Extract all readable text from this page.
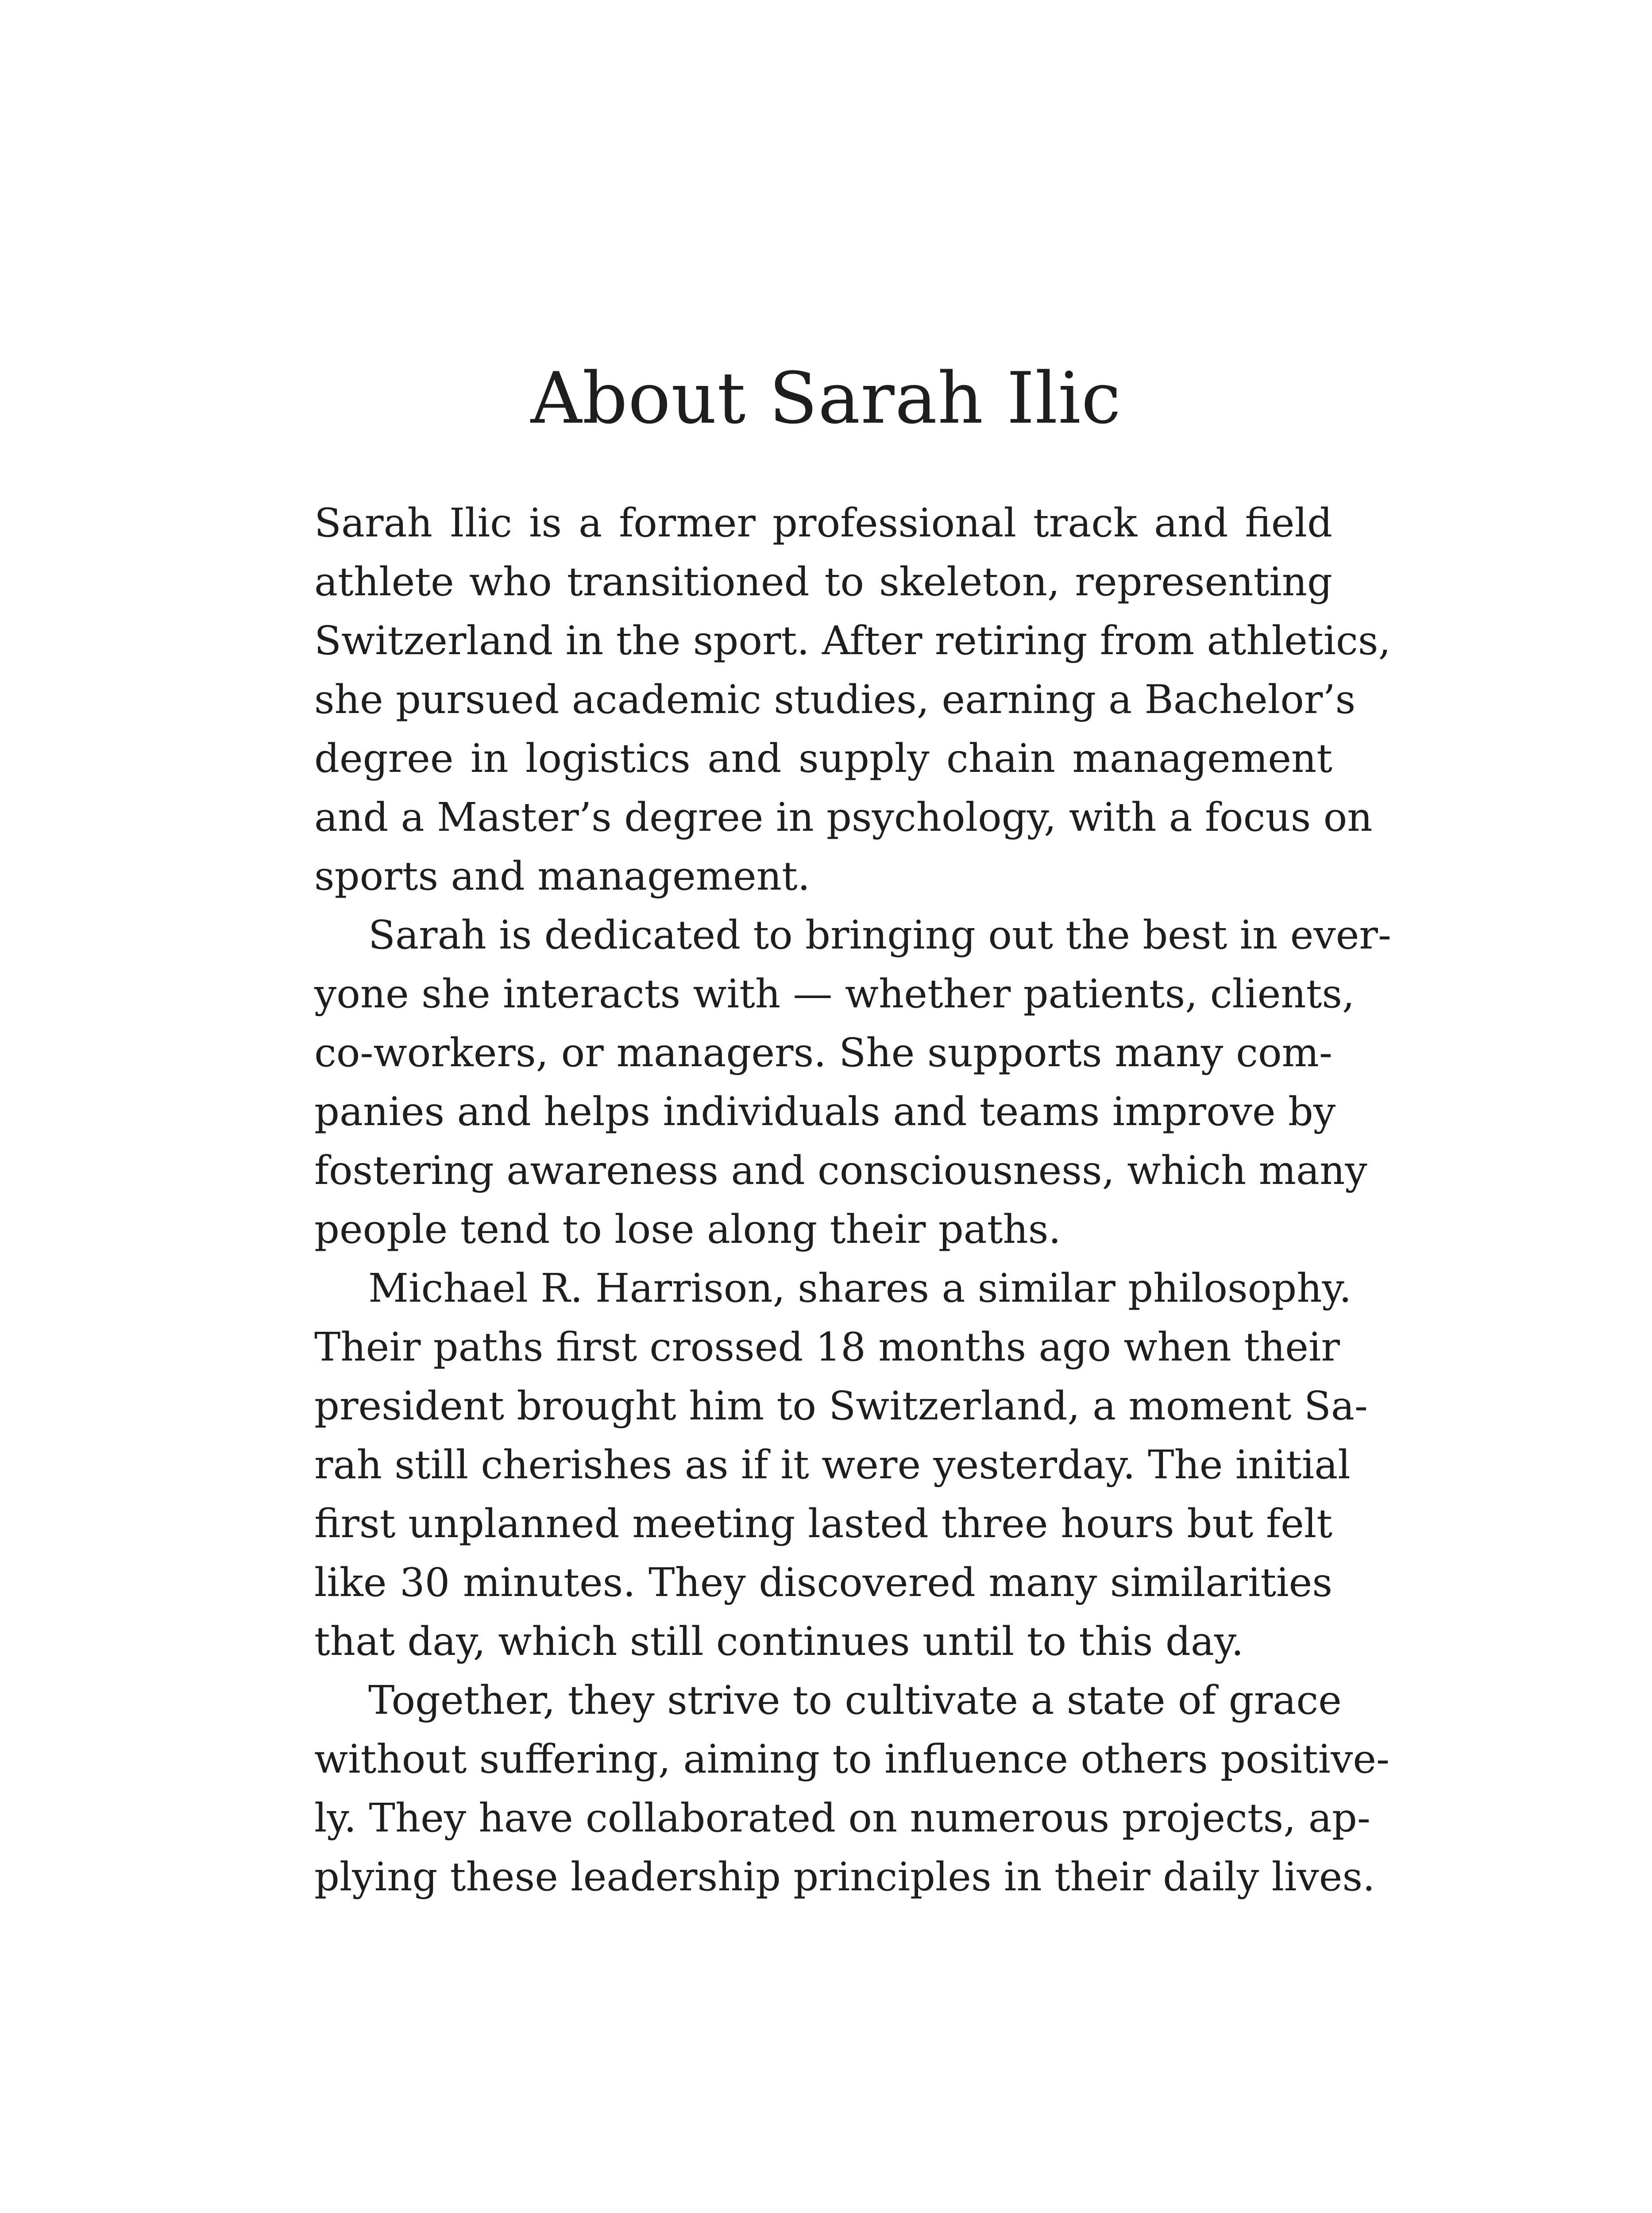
About Sarah Ilic
Sarah Ilic is a former professional track and field
athlete who transitioned to skeleton, representing
Switzerland in the sport. After retiring from athletics,
she pursued academic studies, earning a Bachelor’s
degree in logistics and supply chain management
and a Master’s degree in psychology, with a focus on
sports and management.
Sarah is dedicated to bringing out the best in ever-
yone she interacts with — whether patients, clients,
co-workers, or managers. She supports many com-
panies and helps individuals and teams improve by
fostering awareness and consciousness, which many
people tend to lose along their paths.
Michael R. Harrison, shares a similar philosophy.
Their paths first crossed 18 months ago when their
president brought him to Switzerland, a moment Sa-
rah still cherishes as if it were yesterday. The initial
first unplanned meeting lasted three hours but felt
like 30 minutes. They discovered many similarities
that day, which still continues until to this day.
Together, they strive to cultivate a state of grace
without suffering, aiming to influence others positive-
ly. They have collaborated on numerous projects, ap-
plying these leadership principles in their daily lives.
